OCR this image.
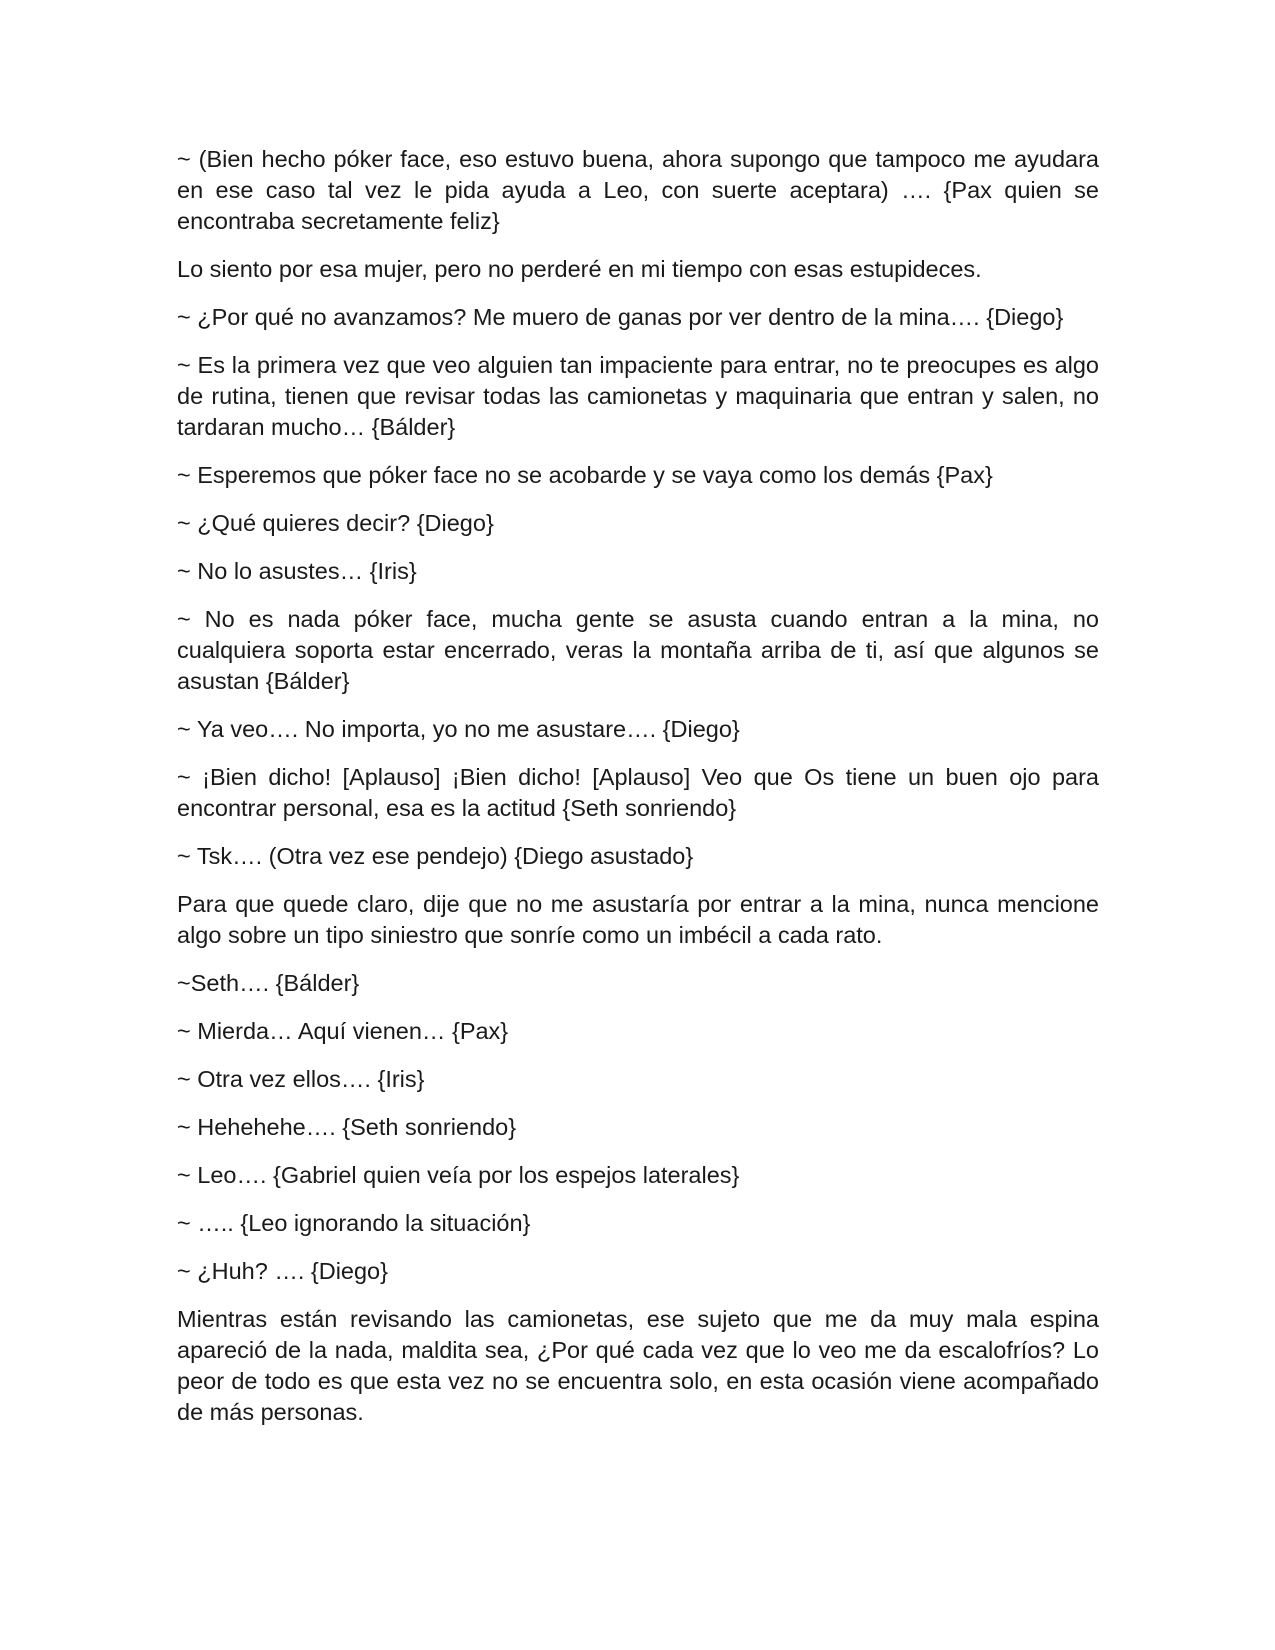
~ (Bien hecho póker face, eso estuvo buena, ahora supongo que tampoco me ayudara en ese caso tal vez le pida ayuda a Leo, con suerte aceptara) …. {Pax quien se encontraba secretamente feliz}

Lo siento por esa mujer, pero no perderé en mi tiempo con esas estupideces.

~ ¿Por qué no avanzamos? Me muero de ganas por ver dentro de la mina…. {Diego}

~ Es la primera vez que veo alguien tan impaciente para entrar, no te preocupes es algo de rutina, tienen que revisar todas las camionetas y maquinaria que entran y salen, no tardaran mucho… {Bálder}

~ Esperemos que póker face no se acobarde y se vaya como los demás {Pax}

~ ¿Qué quieres decir? {Diego}

~ No lo asustes… {Iris}

~ No es nada póker face, mucha gente se asusta cuando entran a la mina, no cualquiera soporta estar encerrado, veras la montaña arriba de ti, así que algunos se asustan {Bálder}

~ Ya veo…. No importa, yo no me asustare…. {Diego}

~ ¡Bien dicho! [Aplauso] ¡Bien dicho! [Aplauso] Veo que Os tiene un buen ojo para encontrar personal, esa es la actitud {Seth sonriendo}

~ Tsk…. (Otra vez ese pendejo) {Diego asustado}

Para que quede claro, dije que no me asustaría por entrar a la mina, nunca mencione algo sobre un tipo siniestro que sonríe como un imbécil a cada rato.

~Seth…. {Bálder}

~ Mierda… Aquí vienen… {Pax}

~ Otra vez ellos…. {Iris}

~ Hehehehe…. {Seth sonriendo}

~ Leo…. {Gabriel quien veía por los espejos laterales}

~ ….. {Leo ignorando la situación}

~ ¿Huh? …. {Diego}

Mientras están revisando las camionetas, ese sujeto que me da muy mala espina apareció de la nada, maldita sea, ¿Por qué cada vez que lo veo me da escalofríos? Lo peor de todo es que esta vez no se encuentra solo, en esta ocasión viene acompañado de más personas.
